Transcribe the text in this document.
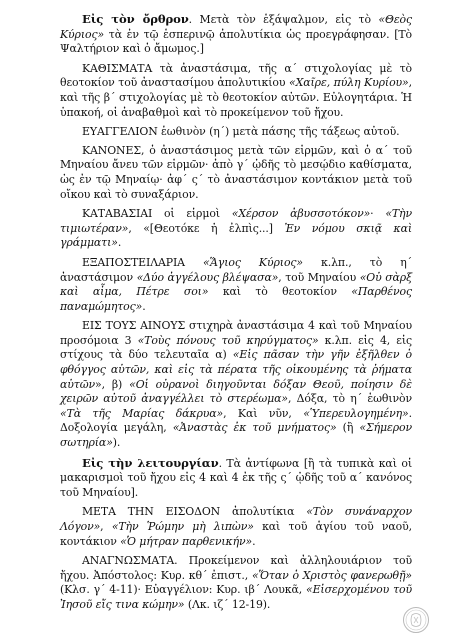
Εἰς τὸν ὄρθρον. Μετὰ τὸν ἑξάψαλμον, εἰς τὸ «Θεὸς Κύριος» τὰ ἐν τῷ ἑσπερινῷ ἀπολυτίκια ὡς προεγράφησαν. [Τὸ Ψαλτήριον καὶ ὁ ἄμωμος.]

ΚΑΘΙΣΜΑΤΑ τὰ ἀναστάσιμα, τῆς α´ στιχολογίας μὲ τὸ θεοτοκίον τοῦ ἀναστασίμου ἀπολυτικίου «Χαῖρε, πύλη Κυρίου», καὶ τῆς β´ στιχολογίας μὲ τὸ θεοτοκίον αὐτῶν. Εὐλογητάρια. Ἡ ὑπακοή, οἱ ἀναβαθμοὶ καὶ τὸ προκείμενον τοῦ ἤχου.

ΕΥΑΓΓΕΛΙΟΝ ἑωθινὸν (η´) μετὰ πάσης τῆς τάξεως αὐτοῦ.

ΚΑΝΟΝΕΣ, ὁ ἀναστάσιμος μετὰ τῶν εἱρμῶν, καὶ ὁ α´ τοῦ Μηναίου ἄνευ τῶν εἱρμῶν· ἀπὸ γ´ ᾠδῆς τὸ μεσῴδιο καθίσματα, ὡς ἐν τῷ Μηναίῳ· ἀφ´ ς´ τὸ ἀναστάσιμον κοντάκιον μετὰ τοῦ οἴκου καὶ τὸ συναξάριον.

ΚΑΤΑΒΑΣΙΑΙ οἱ εἱρμοὶ «Χέρσον ἀβυσσοτόκον»· «Τὴν τιμιωτέραν», «[Θεοτόκε ἡ ἐλπὶς...] Ἐν νόμου σκιᾷ καὶ γράμματι».

ΕΞΑΠΟΣΤΕΙΛΑΡΙΑ «Ἅγιος Κύριος» κ.λπ., τὸ η´ ἀναστάσιμον «Δύο ἀγγέλους βλέψασα», τοῦ Μηναίου «Οὐ σὰρξ καὶ αἷμα, Πέτρε σοι» καὶ τὸ θεοτοκίον «Παρθένος παναμώμητος».

ΕΙΣ ΤΟΥΣ ΑΙΝΟΥΣ στιχηρὰ ἀναστάσιμα 4 καὶ τοῦ Μηναίου προσόμοια 3 «Τοὺς πόνους τοῦ κηρύγματος» κ.λπ. εἰς 4, εἰς στίχους τὰ δύο τελευταῖα α) «Εἰς πᾶσαν τὴν γῆν ἐξῆλθεν ὁ φθόγγος αὐτῶν, καὶ εἰς τὰ πέρατα τῆς οἰκουμένης τὰ ῥήματα αὐτῶν», β) «Οἱ οὐρανοὶ διηγοῦνται δόξαν Θεοῦ, ποίησιν δὲ χειρῶν αὐτοῦ ἀναγγέλλει τὸ στερέωμα», Δόξα, τὸ η´ ἑωθινὸν «Τὰ τῆς Μαρίας δάκρυα», Καὶ νῦν, «Ὑπερευλογημένη». Δοξολογία μεγάλη, «Ἀναστὰς ἐκ τοῦ μνήματος» (ἢ «Σήμερον σωτηρία»).

Εἰς τὴν λειτουργίαν. Τὰ ἀντίφωνα [ἢ τὰ τυπικὰ καὶ οἱ μακαρισμοὶ τοῦ ἤχου εἰς 4 καὶ 4 ἐκ τῆς ς´ ᾠδῆς τοῦ α´ κανόνος τοῦ Μηναίου].

ΜΕΤΑ ΤΗΝ ΕΙΣΟΔΟΝ ἀπολυτίκια «Τὸν συνάναρχον Λόγον», «Τὴν Ῥώμην μὴ λιπὼν» καὶ τοῦ ἁγίου τοῦ ναοῦ, κοντάκιον «Ὁ μήτραν παρθενικήν».

ΑΝΑΓΝΩΣΜΑΤΑ. Προκείμενον καὶ ἀλληλουιάριον τοῦ ἤχου. Ἀπόστολος: Κυρ. κθ´ ἐπιστ., «Ὅταν ὁ Χριστὸς φανερωθῇ» (Κλσ. γ´ 4-11)· Εὐαγγέλιον: Κυρ. ιβ´ Λουκᾶ, «Εἰσερχομένου τοῦ Ἰησοῦ εἴς τινα κώμην» (Λκ. ιζ´ 12-19).
